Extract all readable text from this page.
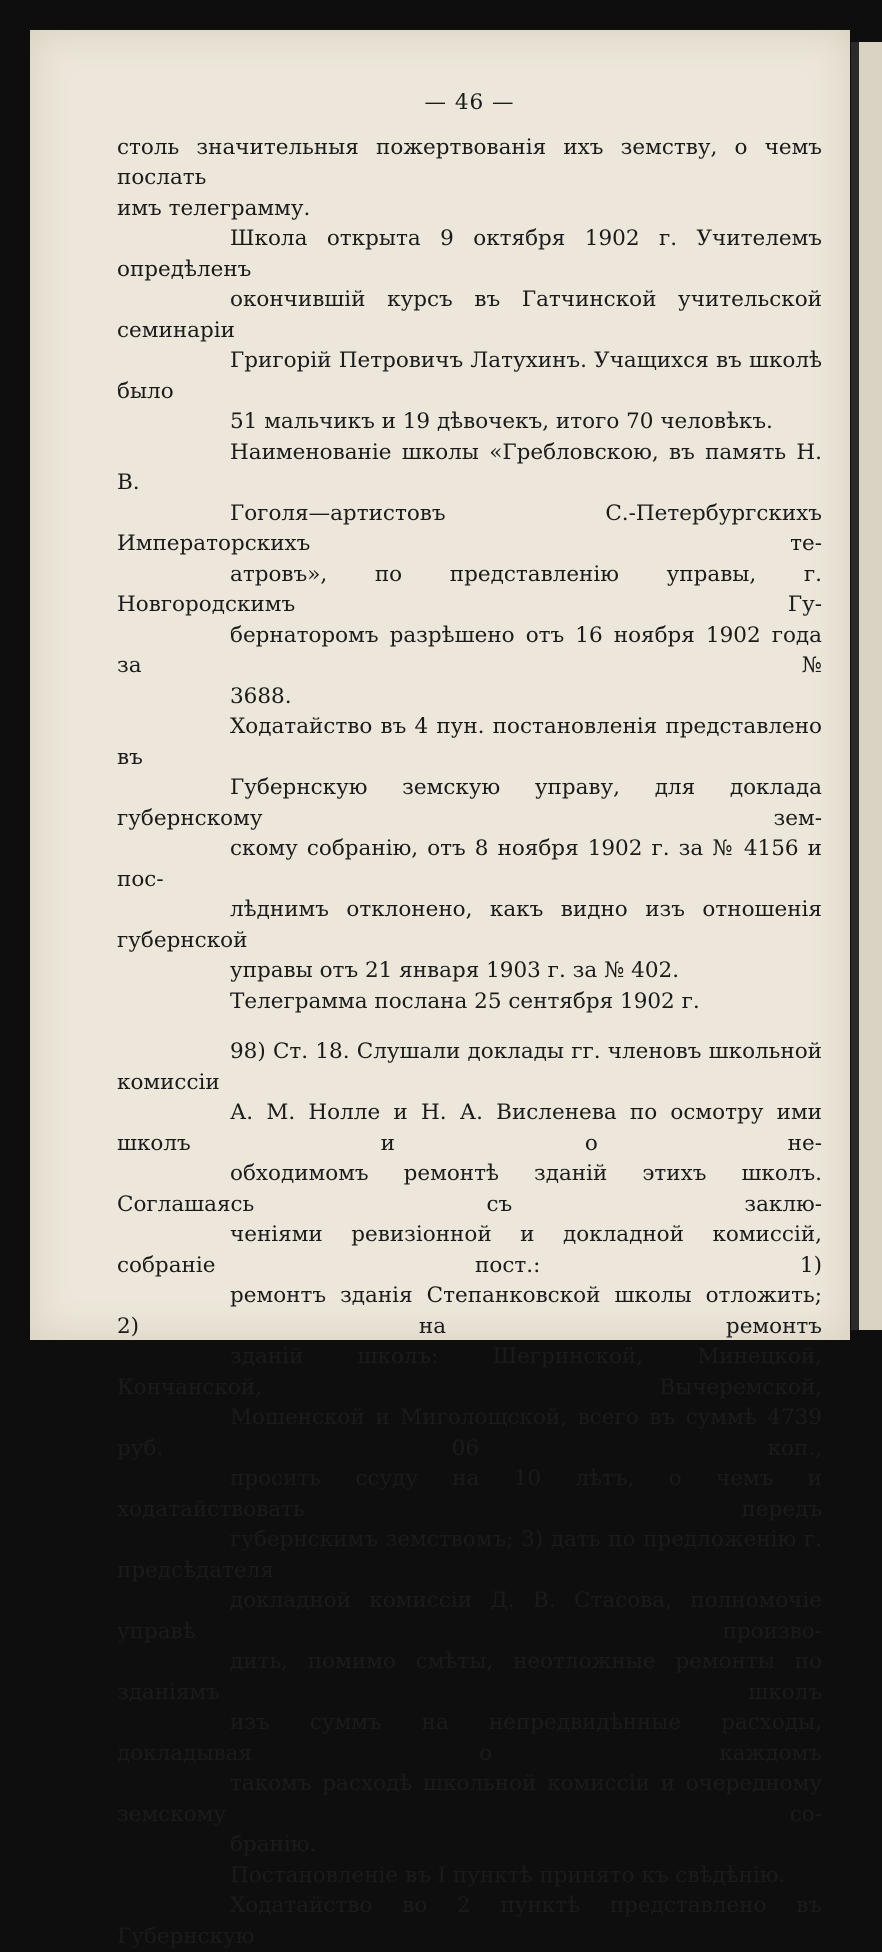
— 46 —

столь значительныя пожертвованія ихъ земству, о чемъ послать
имъ телеграмму.

Школа открыта 9 октября 1902 г. Учителемъ опредѣленъ
окончившій курсъ въ Гатчинской учительской семинаріи
Григорій Петровичъ Латухинъ. Учащихся въ школѣ было
51 мальчикъ и 19 дѣвочекъ, итого 70 человѣкъ.

Наименованіе школы «Гребловскою, въ память Н. В.
Гоголя—артистовъ С.-Петербургскихъ Императорскихъ те-
атровъ», по представленію управы, г. Новгородскимъ Гу-
бернаторомъ разрѣшено отъ 16 ноября 1902 года за №
3688.

Ходатайство въ 4 пун. постановленія представлено въ
Губернскую земскую управу, для доклада губернскому зем-
скому собранію, отъ 8 ноября 1902 г. за № 4156 и пос-
лѣднимъ отклонено, какъ видно изъ отношенія губернской
управы отъ 21 января 1903 г. за № 402.

Телеграмма послана 25 сентября 1902 г.

98) Ст. 18. Слушали доклады гг. членовъ школьной комиссіи
А. М. Нолле и Н. А. Висленева по осмотру ими школъ и о не-
обходимомъ ремонтѣ зданій этихъ школъ. Соглашаясь съ заклю-
ченіями ревизіонной и докладной комиссій, собраніе пост.: 1)
ремонтъ зданія Степанковской школы отложить; 2) на ремонтъ
зданій школъ: Шегринской, Минецкой, Кончанской, Вычеремской,
Мошенской и Миголощской, всего въ суммѣ 4739 руб. 06 коп.,
просить ссуду на 10 лѣтъ, о чемъ и ходатайствовать передъ
губернскимъ земствомъ; 3) дать по предложенію г. предсѣдателя
докладной комиссіи Д. В. Стасова, полномочіе управѣ произво-
дить, помимо смѣты, неотложные ремонты по зданіямъ школъ
изъ суммъ на непредвидѣнные расходы, докладывая о каждомъ
такомъ расходѣ школьной комиссіи и очередному земскому со-
бранію.

Постановленіе въ I пунктѣ принято къ свѣдѣнію.

Ходатайство во 2 пунктѣ представлено въ Губернскую
